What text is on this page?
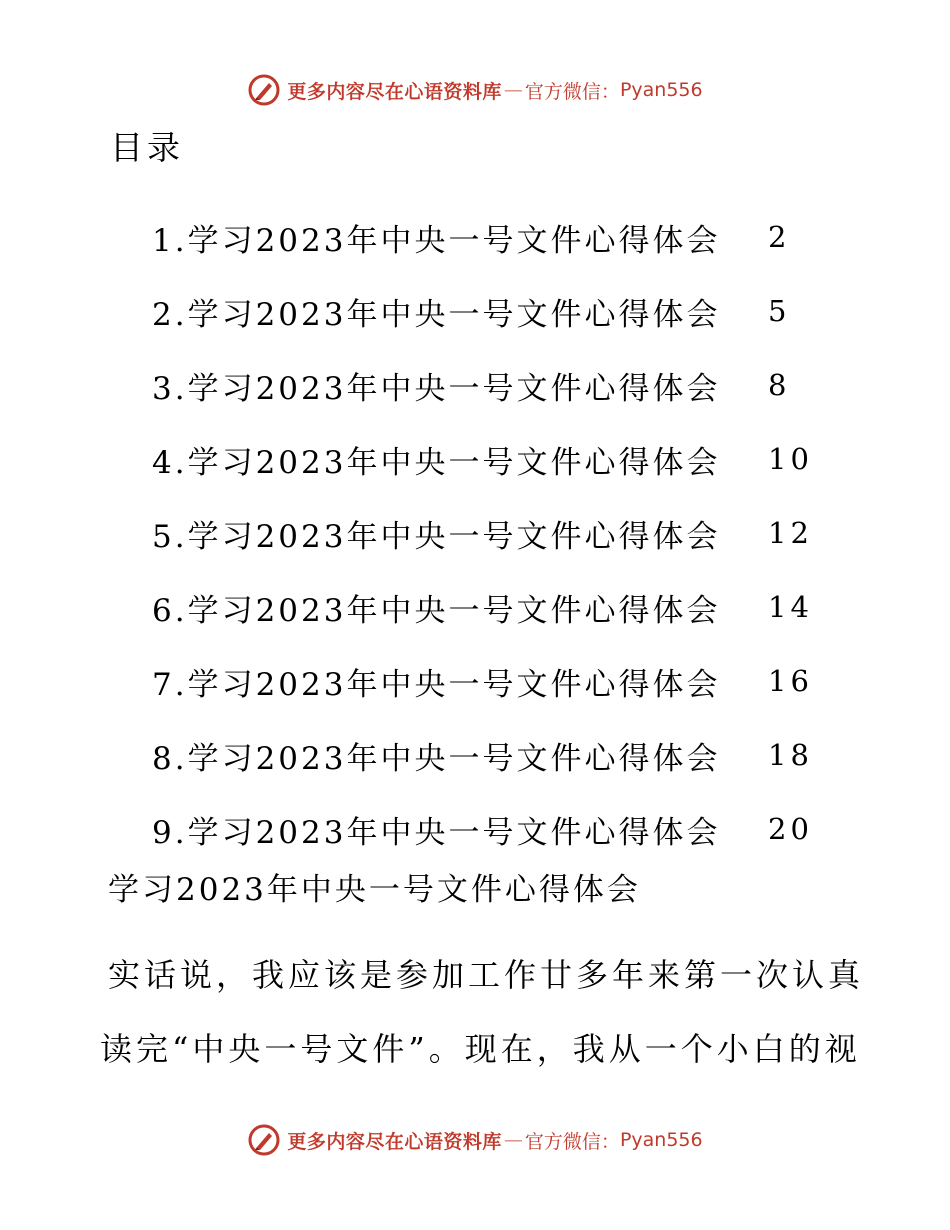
更多内容尽在心语资料库 — 官方微信： Pyan556
目录
1.学习2023年中央一号文件心得体会 2
2.学习2023年中央一号文件心得体会 5
3.学习2023年中央一号文件心得体会 8
4.学习2023年中央一号文件心得体会 10
5.学习2023年中央一号文件心得体会 12
6.学习2023年中央一号文件心得体会 14
7.学习2023年中央一号文件心得体会 16
8.学习2023年中央一号文件心得体会 18
9.学习2023年中央一号文件心得体会 20
学习2023年中央一号文件心得体会

实话说，我应该是参加工作廿多年来第一次认真
读完“中央一号文件”。现在，我从一个小白的视

更多内容尽在心语资料库 — 官方微信： Pyan556
